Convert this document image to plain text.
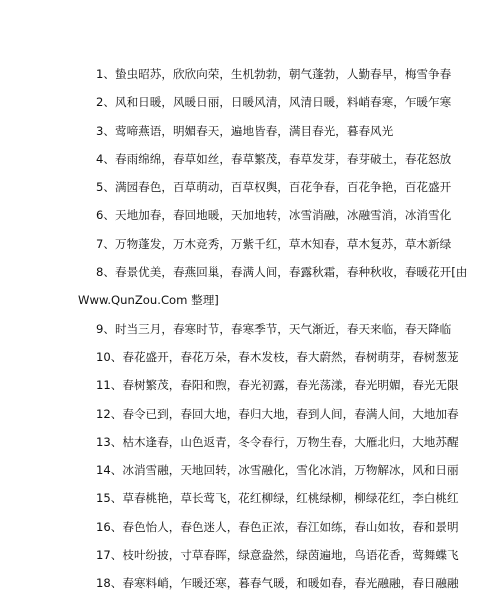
1、蛰虫昭苏，欣欣向荣，生机勃勃，朝气蓬勃，人勤春早，梅雪争春
2、风和日暖，风暖日丽，日暖风清，风清日暖，料峭春寒，乍暖乍寒
3、莺啼燕语，明媚春天，遍地皆春，满目春光，暮春风光
4、春雨绵绵，春草如丝，春草繁茂，春草发芽，春芽破土，春花怒放
5、满园春色，百草萌动，百草权舆，百花争春，百花争艳，百花盛开
6、天地加春，春回地暖，天加地转，冰雪消融，冰融雪消，冰消雪化
7、万物蓬发，万木竞秀，万紫千红，草木知春，草木复苏，草木新绿
8、春景优美，春燕回巢，春满人间，春露秋霜，春种秋收，春暖花开[由
Www.QunZou.Com 整理]
9、时当三月，春寒时节，春寒季节，天气渐近，春天来临，春天降临
10、春花盛开，春花万朵，春木发枝，春大蔚然，春树萌芽，春树葱茏
11、春树繁茂，春阳和煦，春光初露，春光荡漾，春光明媚，春光无限
12、春令已到，春回大地，春归大地，春到人间，春满人间，大地加春
13、枯木逢春，山色返青，冬令春行，万物生春，大雁北归，大地苏醒
14、冰消雪融，天地回转，冰雪融化，雪化冰消，万物解冰，风和日丽
15、草春桃艳，草长莺飞，花红柳绿，红桃绿柳，柳绿花红，李白桃红
16、春色怡人，春色迷人，春色正浓，春江如练，春山如妆，春和景明
17、枝叶纷披，寸草春晖，绿意盎然，绿茵遍地，鸟语花香，莺舞蝶飞
18、春寒料峭，乍暖还寒，暮春气暖，和暖如春，春光融融，春日融融
